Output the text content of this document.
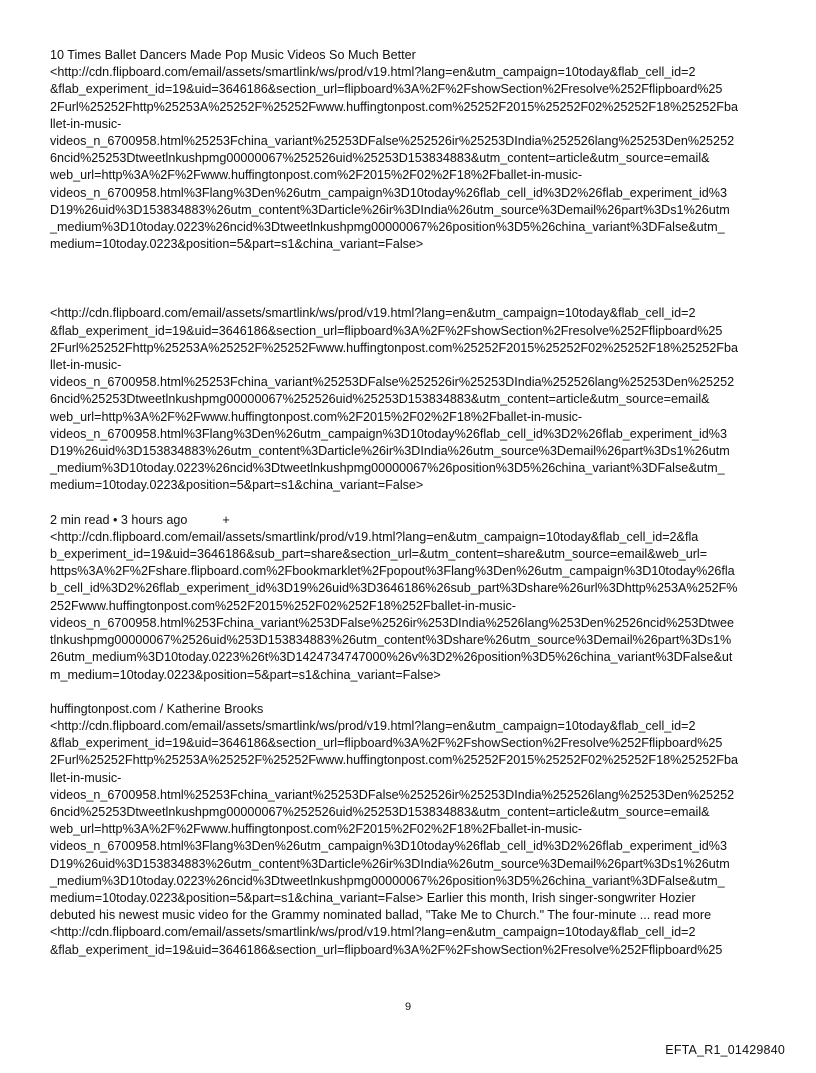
10 Times Ballet Dancers Made Pop Music Videos So Much Better
<http://cdn.flipboard.com/email/assets/smartlink/ws/prod/v19.html?lang=en&utm_campaign=10today&flab_cell_id=2
&flab_experiment_id=19&uid=3646186&section_url=flipboard%3A%2F%2FshowSection%2Fresolve%252Fflipboard%25
2Furl%25252Fhttp%25253A%25252F%25252Fwww.huffingtonpost.com%25252F2015%25252F02%25252F18%25252Fba
llet-in-music-
videos_n_6700958.html%25253Fchina_variant%25253DFalse%252526ir%25253DIndia%252526lang%25253Den%25252
6ncid%25253Dtweetlnkushpmg00000067%252526uid%25253D153834883&utm_content=article&utm_source=email&
web_url=http%3A%2F%2Fwww.huffingtonpost.com%2F2015%2F02%2F18%2Fballet-in-music-
videos_n_6700958.html%3Flang%3Den%26utm_campaign%3D10today%26flab_cell_id%3D2%26flab_experiment_id%3
D19%26uid%3D153834883%26utm_content%3Darticle%26ir%3DIndia%26utm_source%3Demail%26part%3Ds1%26utm
_medium%3D10today.0223%26ncid%3Dtweetlnkushpmg00000067%26position%3D5%26china_variant%3DFalse&utm_
medium=10today.0223&position=5&part=s1&china_variant=False>
<http://cdn.flipboard.com/email/assets/smartlink/ws/prod/v19.html?lang=en&utm_campaign=10today&flab_cell_id=2
&flab_experiment_id=19&uid=3646186&section_url=flipboard%3A%2F%2FshowSection%2Fresolve%252Fflipboard%25
2Furl%25252Fhttp%25253A%25252F%25252Fwww.huffingtonpost.com%25252F2015%25252F02%25252F18%25252Fba
llet-in-music-
videos_n_6700958.html%25253Fchina_variant%25253DFalse%252526ir%25253DIndia%252526lang%25253Den%25252
6ncid%25253Dtweetlnkushpmg00000067%252526uid%25253D153834883&utm_content=article&utm_source=email&
web_url=http%3A%2F%2Fwww.huffingtonpost.com%2F2015%2F02%2F18%2Fballet-in-music-
videos_n_6700958.html%3Flang%3Den%26utm_campaign%3D10today%26flab_cell_id%3D2%26flab_experiment_id%3
D19%26uid%3D153834883%26utm_content%3Darticle%26ir%3DIndia%26utm_source%3Demail%26part%3Ds1%26utm
_medium%3D10today.0223%26ncid%3Dtweetlnkushpmg00000067%26position%3D5%26china_variant%3DFalse&utm_
medium=10today.0223&position=5&part=s1&china_variant=False>
2 min read • 3 hours ago          +
<http://cdn.flipboard.com/email/assets/smartlink/prod/v19.html?lang=en&utm_campaign=10today&flab_cell_id=2&fla
b_experiment_id=19&uid=3646186&sub_part=share&section_url=&utm_content=share&utm_source=email&web_url=
https%3A%2F%2Fshare.flipboard.com%2Fbookmarklet%2Fpopout%3Flang%3Den%26utm_campaign%3D10today%26fla
b_cell_id%3D2%26flab_experiment_id%3D19%26uid%3D3646186%26sub_part%3Dshare%26url%3Dhttp%253A%252F%
252Fwww.huffingtonpost.com%252F2015%252F02%252F18%252Fballet-in-music-
videos_n_6700958.html%253Fchina_variant%253DFalse%2526ir%253DIndia%2526lang%253Den%2526ncid%253Dtwee
tlnkushpmg00000067%2526uid%253D153834883%26utm_content%3Dshare%26utm_source%3Demail%26part%3Ds1%
26utm_medium%3D10today.0223%26t%3D1424734747000%26v%3D2%26position%3D5%26china_variant%3DFalse&ut
m_medium=10today.0223&position=5&part=s1&china_variant=False>
huffingtonpost.com / Katherine Brooks
<http://cdn.flipboard.com/email/assets/smartlink/ws/prod/v19.html?lang=en&utm_campaign=10today&flab_cell_id=2
&flab_experiment_id=19&uid=3646186&section_url=flipboard%3A%2F%2FshowSection%2Fresolve%252Fflipboard%25
2Furl%25252Fhttp%25253A%25252F%25252Fwww.huffingtonpost.com%25252F2015%25252F02%25252F18%25252Fba
llet-in-music-
videos_n_6700958.html%25253Fchina_variant%25253DFalse%252526ir%25253DIndia%252526lang%25253Den%25252
6ncid%25253Dtweetlnkushpmg00000067%252526uid%25253D153834883&utm_content=article&utm_source=email&
web_url=http%3A%2F%2Fwww.huffingtonpost.com%2F2015%2F02%2F18%2Fballet-in-music-
videos_n_6700958.html%3Flang%3Den%26utm_campaign%3D10today%26flab_cell_id%3D2%26flab_experiment_id%3
D19%26uid%3D153834883%26utm_content%3Darticle%26ir%3DIndia%26utm_source%3Demail%26part%3Ds1%26utm
_medium%3D10today.0223%26ncid%3Dtweetlnkushpmg00000067%26position%3D5%26china_variant%3DFalse&utm_
medium=10today.0223&position=5&part=s1&china_variant=False> Earlier this month, Irish singer-songwriter Hozier
debuted his newest music video for the Grammy nominated ballad, "Take Me to Church." The four-minute ... read more
<http://cdn.flipboard.com/email/assets/smartlink/ws/prod/v19.html?lang=en&utm_campaign=10today&flab_cell_id=2
&flab_experiment_id=19&uid=3646186&section_url=flipboard%3A%2F%2FshowSection%2Fresolve%252Fflipboard%25
9
EFTA_R1_01429840
